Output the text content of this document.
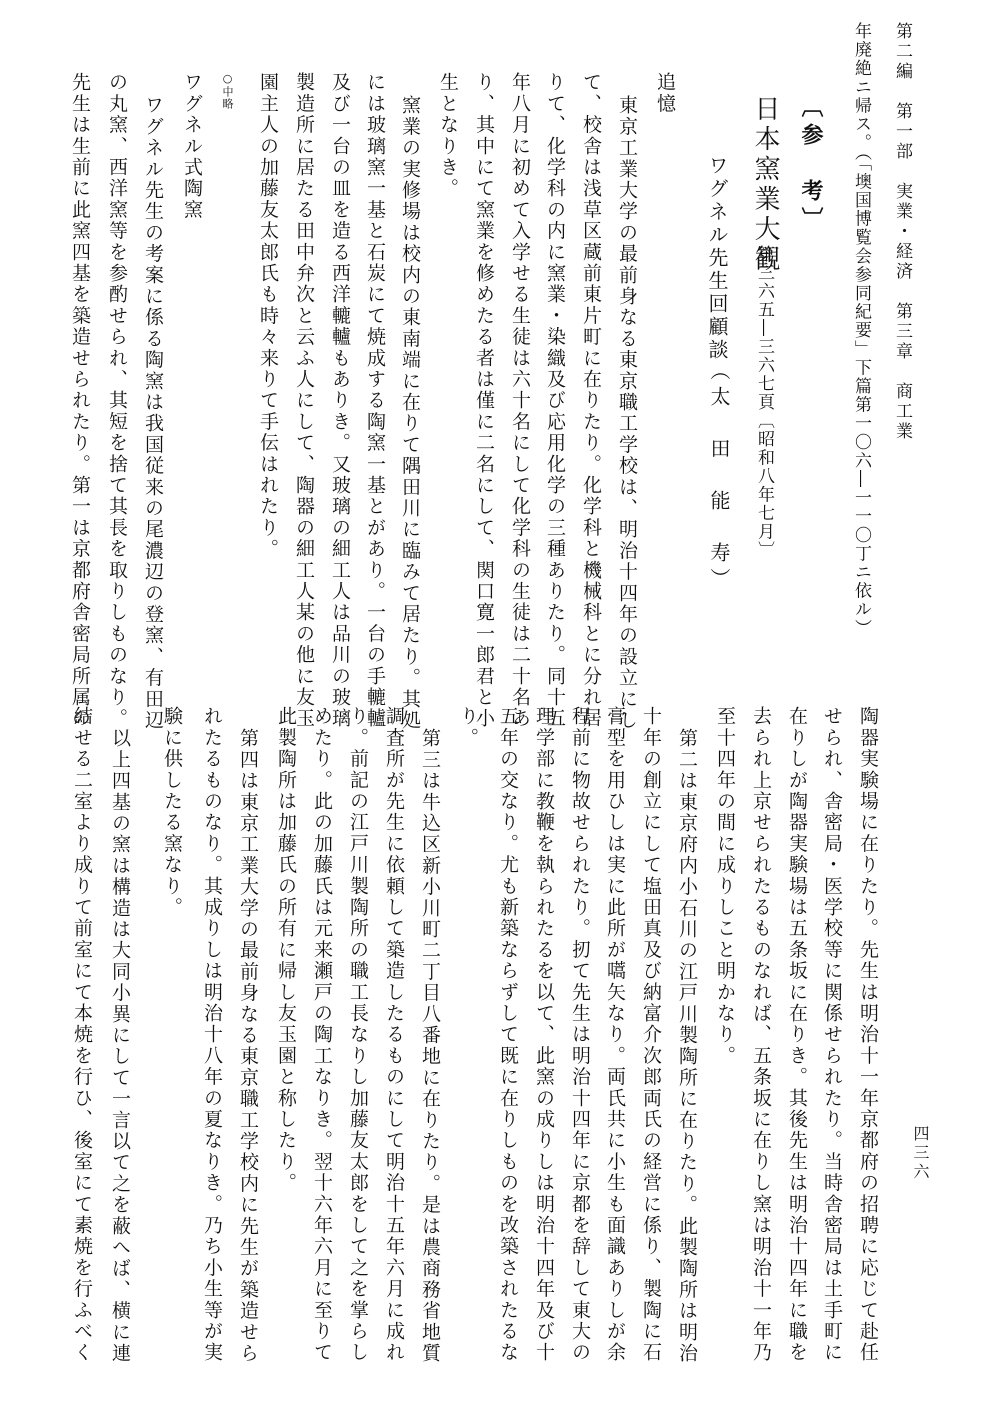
第二編　第一部　実業・経済　第三章　商工業
年廃絶ニ帰ス。（「墺国博覧会参同紀要」下篇第一〇六―一一〇丁ニ依ル）
四三六
〔参　考〕
日本窯業大観
第三六五―三六七頁〔昭和八年七月〕
ワグネル先生回顧談
（太　田　能　寿）
追憶
東京工業大学の最前身なる東京職工学校は、明治十四年の設立にし
て、校舎は浅草区蔵前東片町に在りたり。化学科と機械科とに分れ居
りて、化学科の内に窯業・染織及び応用化学の三種ありたり。同十五
年八月に初めて入学せる生徒は六十名にして化学科の生徒は二十名あ
り、其中にて窯業を修めたる者は僅に二名にして、関口寛一郎君と小
生となりき。
窯業の実修場は校内の東南端に在りて隅田川に臨みて居たり。其処
には玻璃窯一基と石炭にて焼成する陶窯一基とがあり。一台の手轆轤
及び一台の皿を造る西洋轆轤もありき。又玻璃の細工人は品川の玻璃
製造所に居たる田中弁次と云ふ人にして、陶器の細工人某の他に友玉
園主人の加藤友太郎氏も時々来りて手伝はれたり。
○中略
ワグネル式陶窯
ワグネル先生の考案に係る陶窯は我国従来の尾濃辺の登窯、有田辺
の丸窯、西洋窯等を参酌せられ、其短を捨て其長を取りしものなり。
先生は生前に此窯四基を築造せられたり。第一は京都府舎密局所属の
陶器実験場に在りたり。先生は明治十一年京都府の招聘に応じて赴任
せられ、舎密局・医学校等に関係せられたり。当時舎密局は土手町に
在りしが陶器実験場は五条坂に在りき。其後先生は明治十四年に職を
去られ上京せられたるものなれば、五条坂に在りし窯は明治十一年乃
至十四年の間に成りしこと明かなり。
第二は東京府内小石川の江戸川製陶所に在りたり。此製陶所は明治
十年の創立にして塩田真及び納富介次郎両氏の経営に係り、製陶に石
膏型を用ひしは実に此所が嚆矢なり。両氏共に小生も面識ありしが余
程前に物故せられたり。扨て先生は明治十四年に京都を辞して東大の
理学部に教鞭を執られたるを以て、此窯の成りしは明治十四年及び十
五年の交なり。尤も新築ならずして既に在りしものを改築されたるな
り。
第三は牛込区新小川町二丁目八番地に在りたり。是は農商務省地質
調査所が先生に依頼して築造したるものにして明治十五年六月に成れ
り。前記の江戸川製陶所の職工長なりし加藤友太郎をして之を掌らし
めたり。此の加藤氏は元来瀬戸の陶工なりき。翌十六年六月に至りて
此製陶所は加藤氏の所有に帰し友玉園と称したり。
第四は東京工業大学の最前身なる東京職工学校内に先生が築造せら
れたるものなり。其成りしは明治十八年の夏なりき。乃ち小生等が実
験に供したる窯なり。
以上四基の窯は構造は大同小異にして一言以て之を蔽へば、横に連
結せる二室より成りて前室にて本焼を行ひ、後室にて素焼を行ふべく
